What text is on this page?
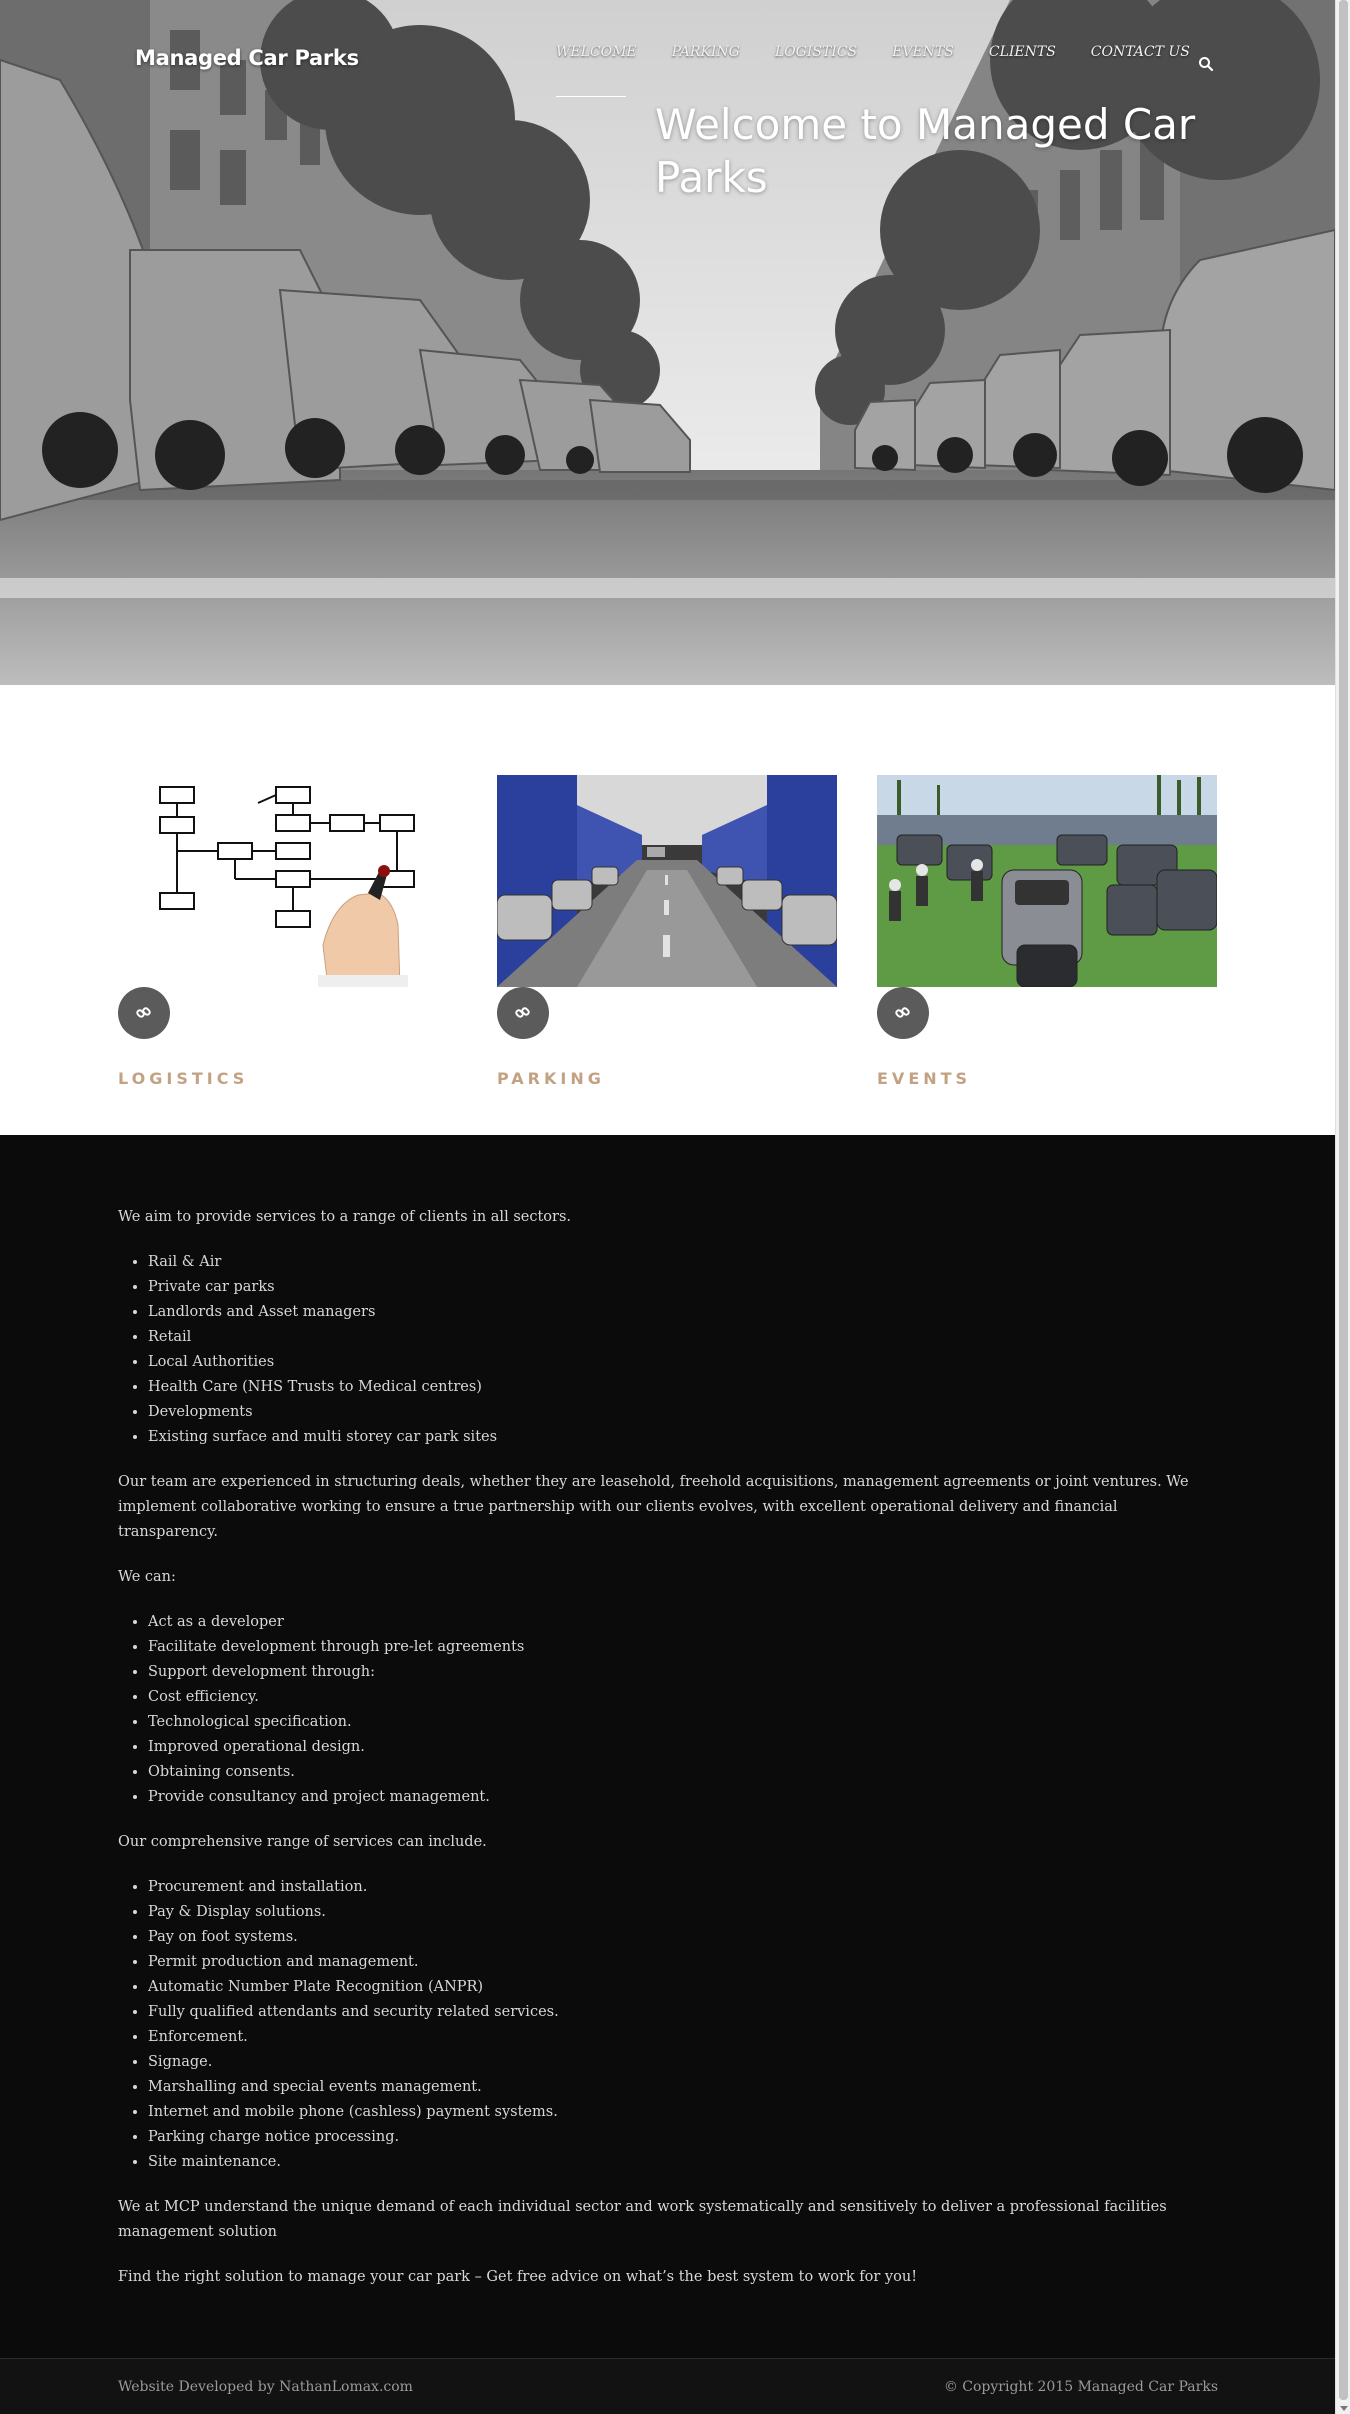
Managed Car Parks	WELCOME	PARKING	LOGISTICS	EVENTS	CLIENTS	CONTACT US
Welcome to Managed Car Parks
LOGISTICS	PARKING	EVENTS

We aim to provide services to a range of clients in all sectors.

• Rail & Air
• Private car parks
• Landlords and Asset managers
• Retail
• Local Authorities
• Health Care (NHS Trusts to Medical centres)
• Developments
• Existing surface and multi storey car park sites

Our team are experienced in structuring deals, whether they are leasehold, freehold acquisitions, management agreements or joint ventures. We implement collaborative working to ensure a true partnership with our clients evolves, with excellent operational delivery and financial transparency.

We can:

• Act as a developer
• Facilitate development through pre-let agreements
• Support development through:
• Cost efficiency.
• Technological specification.
• Improved operational design.
• Obtaining consents.
• Provide consultancy and project management.

Our comprehensive range of services can include.

• Procurement and installation.
• Pay & Display solutions.
• Pay on foot systems.
• Permit production and management.
• Automatic Number Plate Recognition (ANPR)
• Fully qualified attendants and security related services.
• Enforcement.
• Signage.
• Marshalling and special events management.
• Internet and mobile phone (cashless) payment systems.
• Parking charge notice processing.
• Site maintenance.

We at MCP understand the unique demand of each individual sector and work systematically and sensitively to deliver a professional facilities management solution

Find the right solution to manage your car park – Get free advice on what’s the best system to work for you!

Website Developed by NathanLomax.com	© Copyright 2015 Managed Car Parks
